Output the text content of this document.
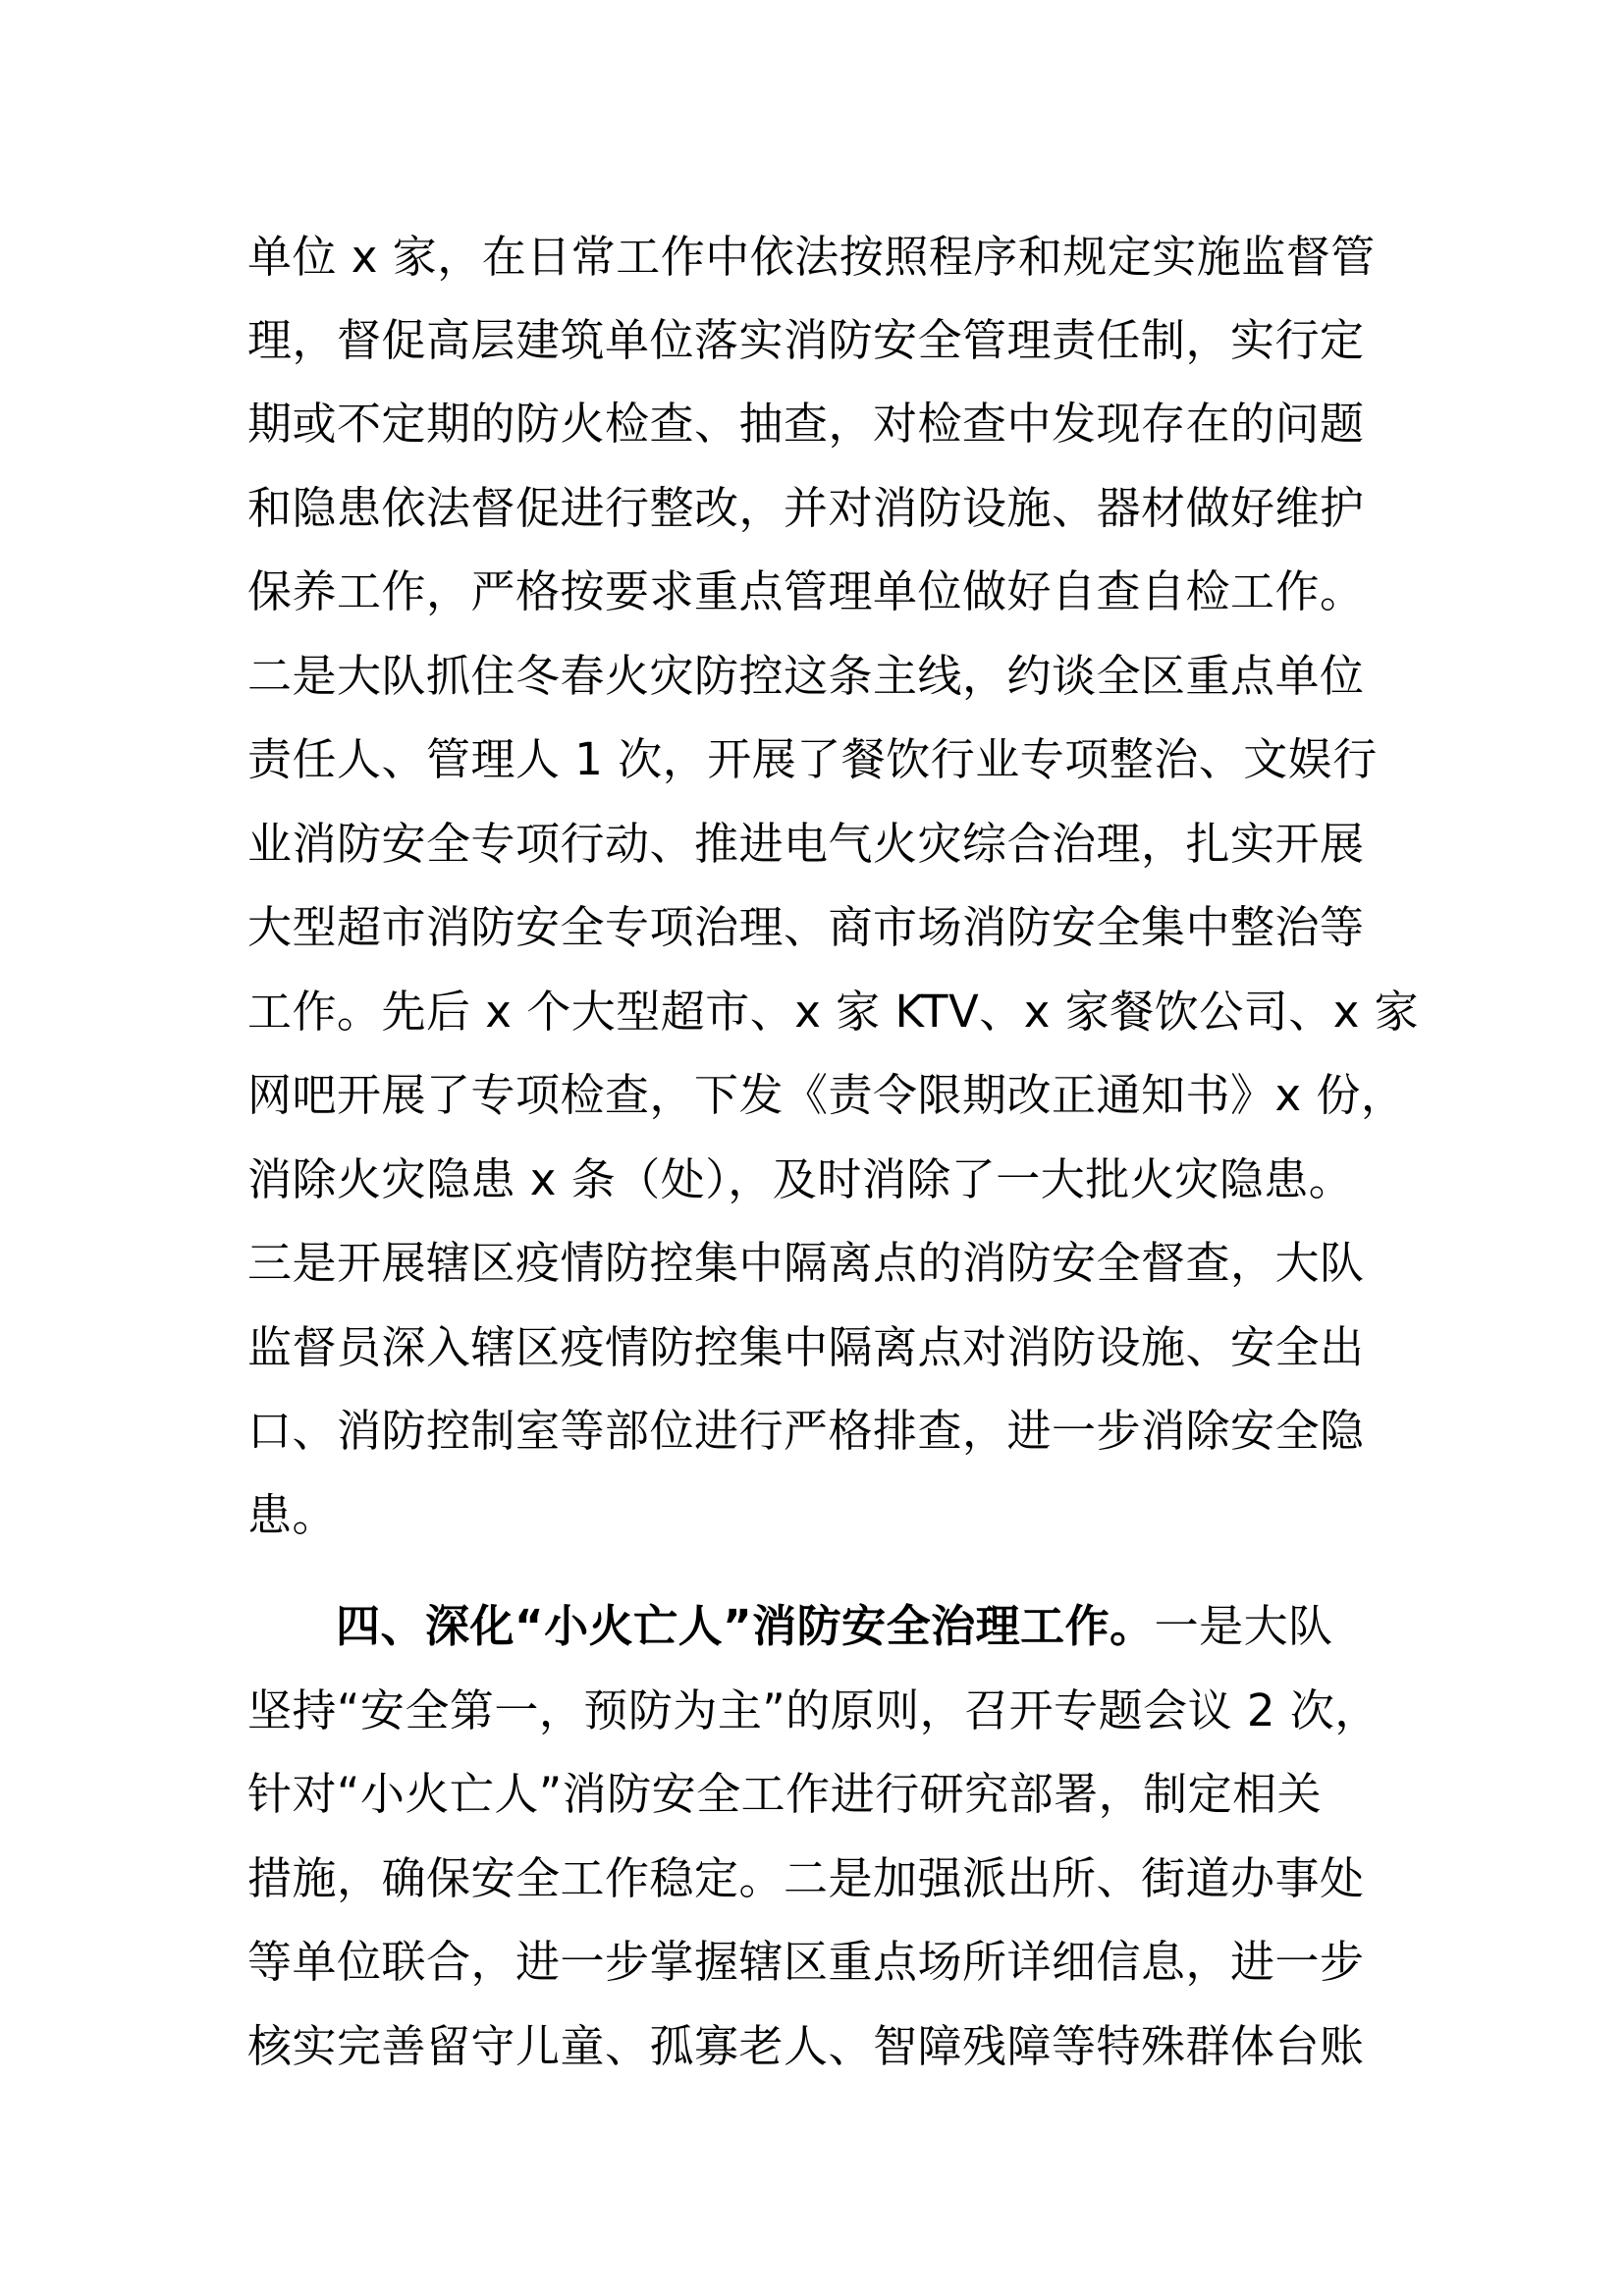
单位 x 家，在日常工作中依法按照程序和规定实施监督管
理，督促高层建筑单位落实消防安全管理责任制，实行定
期或不定期的防火检查、抽查，对检查中发现存在的问题
和隐患依法督促进行整改，并对消防设施、器材做好维护
保养工作，严格按要求重点管理单位做好自查自检工作。
二是大队抓住冬春火灾防控这条主线，约谈全区重点单位
责任人、管理人 1 次，开展了餐饮行业专项整治、文娱行
业消防安全专项行动、推进电气火灾综合治理，扎实开展
大型超市消防安全专项治理、商市场消防安全集中整治等
工作。先后 x 个大型超市、x 家 KTV、x 家餐饮公司、x 家
网吧开展了专项检查，下发《责令限期改正通知书》x 份，
消除火灾隐患 x 条（处），及时消除了一大批火灾隐患。
三是开展辖区疫情防控集中隔离点的消防安全督查，大队
监督员深入辖区疫情防控集中隔离点对消防设施、安全出
口、消防控制室等部位进行严格排查，进一步消除安全隐
患。
四、深化“小火亡人”消防安全治理工作。一是大队
坚持“安全第一，预防为主”的原则，召开专题会议 2 次，
针对“小火亡人”消防安全工作进行研究部署，制定相关
措施，确保安全工作稳定。二是加强派出所、街道办事处
等单位联合，进一步掌握辖区重点场所详细信息，进一步
核实完善留守儿童、孤寡老人、智障残障等特殊群体台账
